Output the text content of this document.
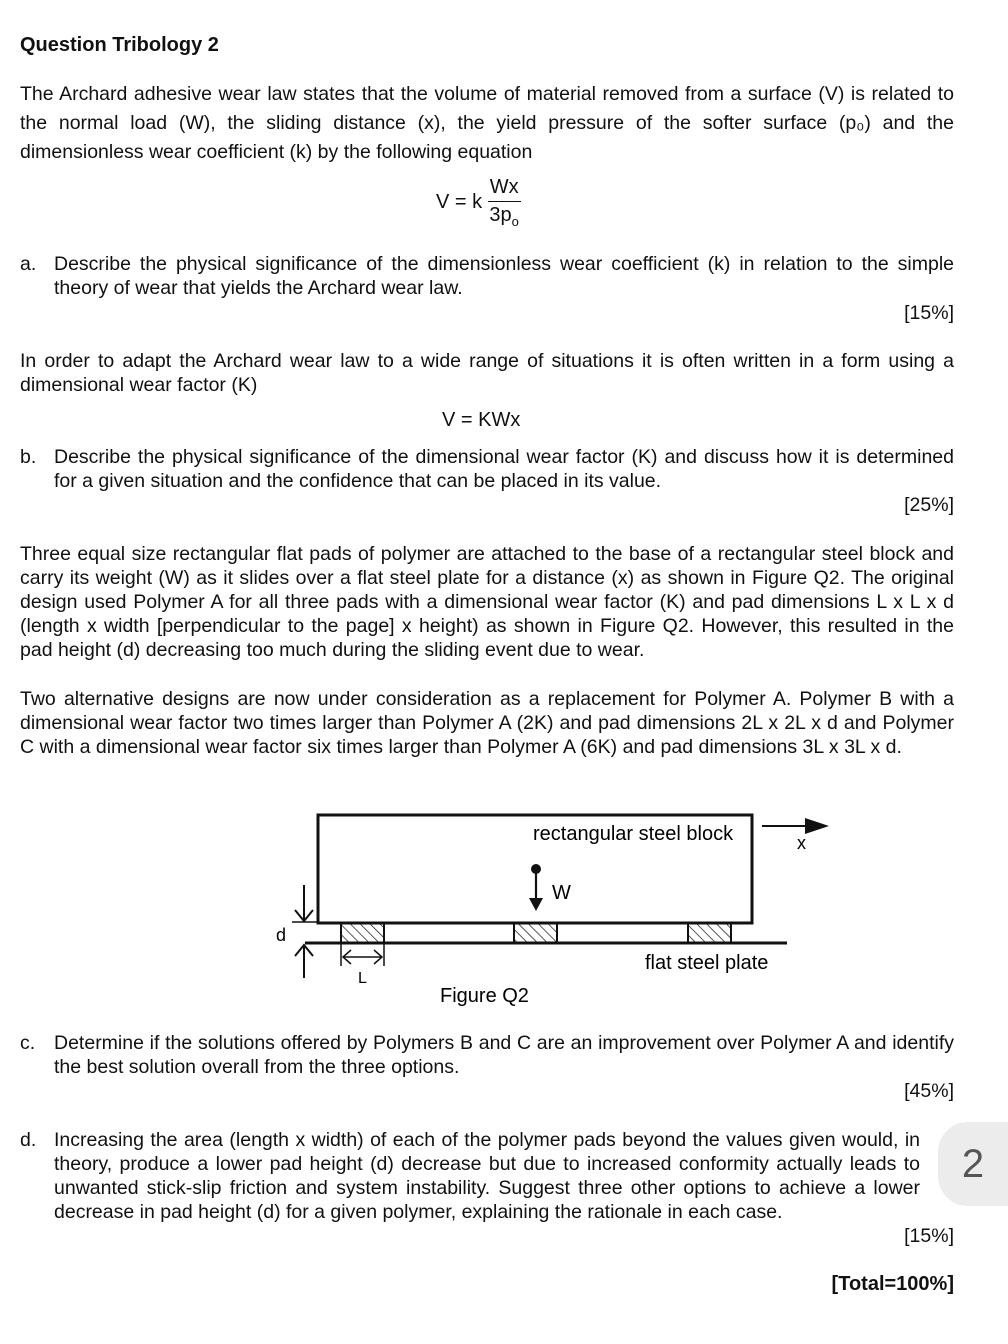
Question Tribology 2

The Archard adhesive wear law states that the volume of material removed from a surface (V) is related to the normal load (W), the sliding distance (x), the yield pressure of the softer surface (p₀) and the dimensionless wear coefficient (k) by the following equation

V = k $\frac{Wx}{3p_o}$
a. Describe the physical significance of the dimensionless wear coefficient (k) in relation to the simple theory of wear that yields the Archard wear law.
[15%]

In order to adapt the Archard wear law to a wide range of situations it is often written in a form using a dimensional wear factor (K)

V = KWx
b. Describe the physical significance of the dimensional wear factor (K) and discuss how it is determined for a given situation and the confidence that can be placed in its value.
[25%]

Three equal size rectangular flat pads of polymer are attached to the base of a rectangular steel block and carry its weight (W) as it slides over a flat steel plate for a distance (x) as shown in Figure Q2. The original design used Polymer A for all three pads with a dimensional wear factor (K) and pad dimensions L x L x d (length x width [perpendicular to the page] x height) as shown in Figure Q2. However, this resulted in the pad height (d) decreasing too much during the sliding event due to wear.

Two alternative designs are now under consideration as a replacement for Polymer A. Polymer B with a dimensional wear factor two times larger than Polymer A (2K) and pad dimensions 2L x 2L x d and Polymer C with a dimensional wear factor six times larger than Polymer A (6K) and pad dimensions 3L x 3L x d.

c. Determine if the solutions offered by Polymers B and C are an improvement over Polymer A and identify the best solution overall from the three options.
[45%]
d. Increasing the area (length x width) of each of the polymer pads beyond the values given would, in theory, produce a lower pad height (d) decrease but due to increased conformity actually leads to unwanted stick-slip friction and system instability. Suggest three other options to achieve a lower decrease in pad height (d) for a given polymer, explaining the rationale in each case.
[15%]
[Total=100%]
rectangular steel block	x
W
flat steel plate
d
L
Figure Q2
2
